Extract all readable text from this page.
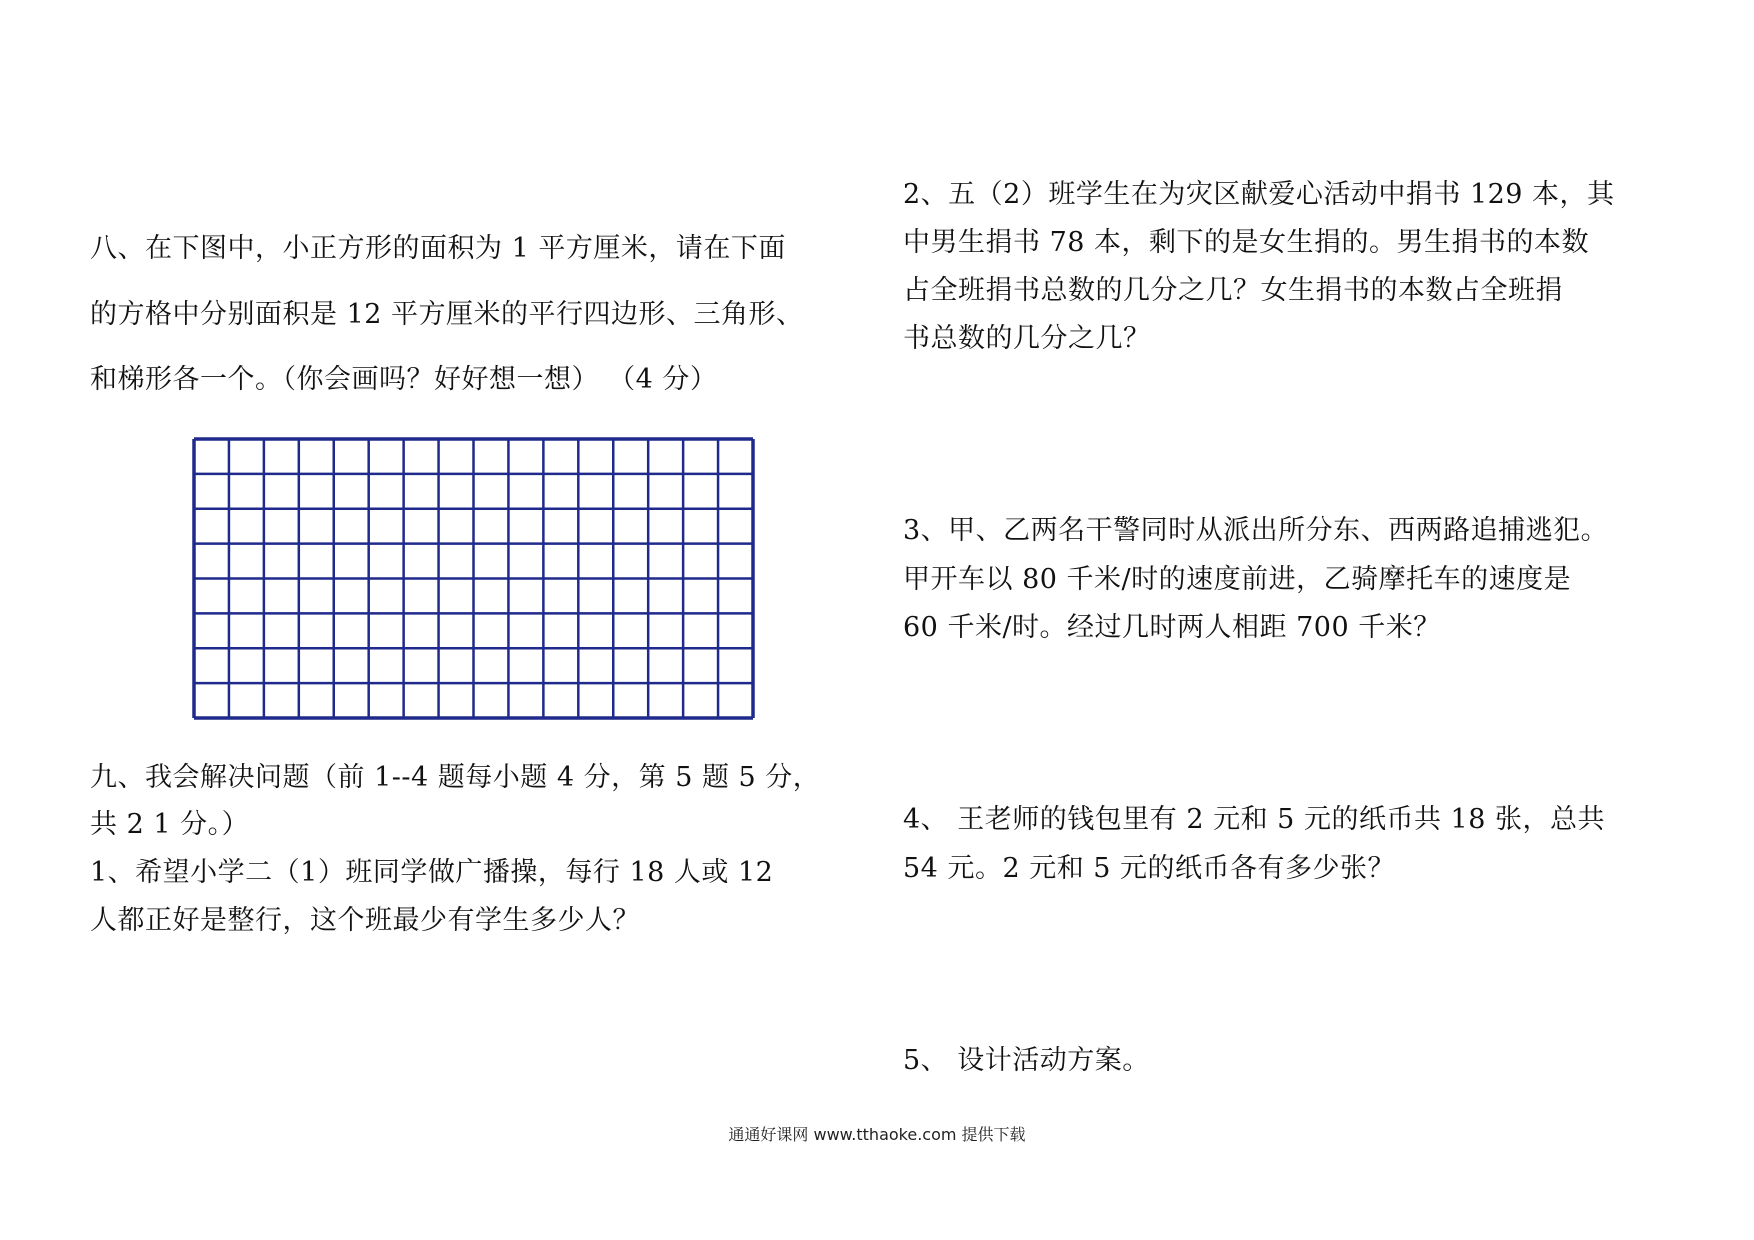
八、在下图中，小正方形的面积为 1 平方厘米，请在下面
的方格中分别面积是 12 平方厘米的平行四边形、三角形、
和梯形各一个。（你会画吗？好好想一想） （4 分）
九、我会解决问题（前 1--4 题每小题 4 分，第 5 题 5 分，
共 2 1 分。）
1、希望小学二（1）班同学做广播操，每行 18 人或 12
人都正好是整行，这个班最少有学生多少人？
2、五（2）班学生在为灾区献爱心活动中捐书 129 本，其
中男生捐书 78 本，剩下的是女生捐的。男生捐书的本数
占全班捐书总数的几分之几？女生捐书的本数占全班捐
书总数的几分之几？
3、甲、乙两名干警同时从派出所分东、西两路追捕逃犯。
甲开车以 80 千米/时的速度前进，乙骑摩托车的速度是
60 千米/时。经过几时两人相距 700 千米？
4、 王老师的钱包里有 2 元和 5 元的纸币共 18 张，总共
54 元。2 元和 5 元的纸币各有多少张？
5、 设计活动方案。
通通好课网 www.tthaoke.com 提供下载
